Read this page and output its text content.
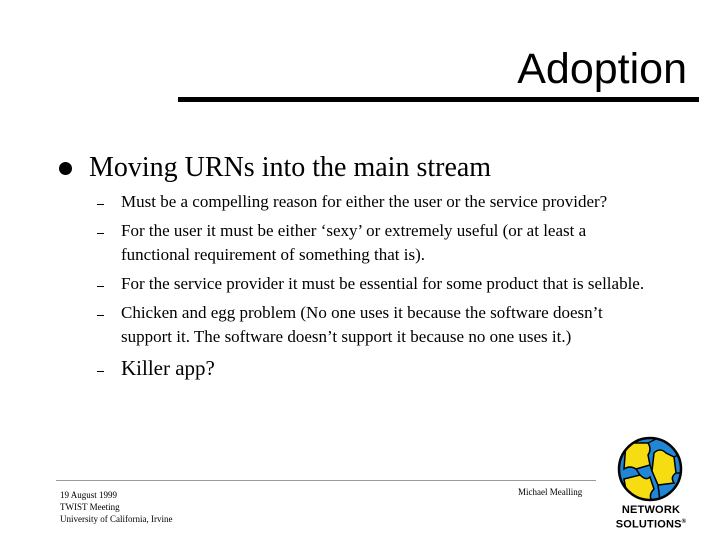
Adoption
Moving URNs into the main stream
Must be a compelling reason for either the user or the service provider?
For the user it must be either ‘sexy’ or extremely useful (or at least a functional requirement of something that is).
For the service provider it must be essential for some product that is sellable.
Chicken and egg problem (No one uses it because the software doesn’t support it. The software doesn’t support it because no one uses it.)
Killer app?
19 August 1999
TWIST Meeting
University of California, Irvine
Michael Mealling
NETWORK
SOLUTIONS®
